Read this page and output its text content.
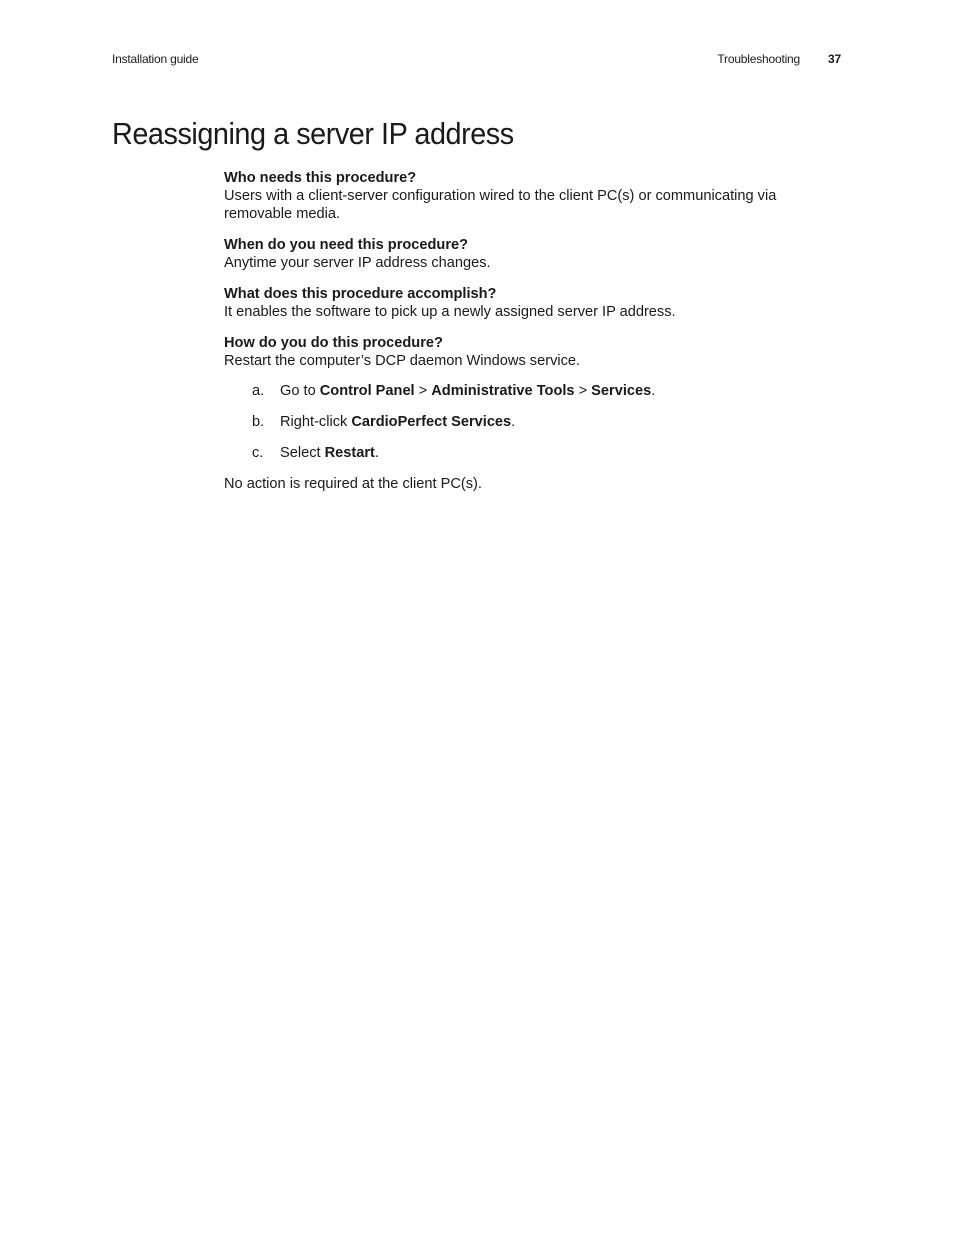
Installation guide	Troubleshooting 37
Reassigning a server IP address

Who needs this procedure?

Users with a client-server configuration wired to the client PC(s) or communicating via removable media.

When do you need this procedure?

Anytime your server IP address changes.

What does this procedure accomplish?

It enables the software to pick up a newly assigned server IP address.

How do you do this procedure?

Restart the computer’s DCP daemon Windows service.

a. Go to Control Panel > Administrative Tools > Services.
b. Right-click CardioPerfect Services.
c. Select Restart.

No action is required at the client PC(s).
